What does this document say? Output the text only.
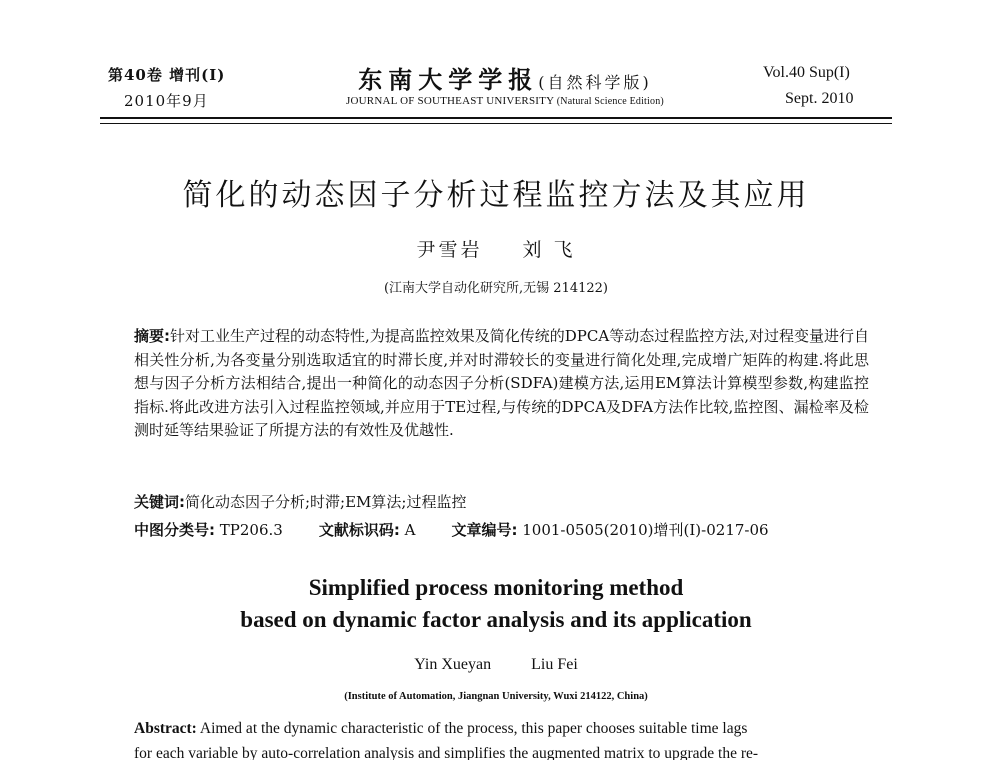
第40卷 增刊(I)
2010年9月
东南大学学报(自然科学版)
JOURNAL OF SOUTHEAST UNIVERSITY (Natural Science Edition)
Vol.40 Sup(I)
Sept. 2010
简化的动态因子分析过程监控方法及其应用
尹雪岩 刘 飞
(江南大学自动化研究所,无锡 214122)
摘要:针对工业生产过程的动态特性,为提高监控效果及简化传统的DPCA等动态过程监控方法,对过程变量进行自相关性分析,为各变量分别选取适宜的时滞长度,并对时滞较长的变量进行简化处理,完成增广矩阵的构建.将此思想与因子分析方法相结合,提出一种简化的动态因子分析(SDFA)建模方法,运用EM算法计算模型参数,构建监控指标.将此改进方法引入过程监控领域,并应用于TE过程,与传统的DPCA及DFA方法作比较,监控图、漏检率及检测时延等结果验证了所提方法的有效性及优越性.
关键词:简化动态因子分析;时滞;EM算法;过程监控
中图分类号: TP206.3 文献标识码: A 文章编号: 1001-0505(2010)增刊(I)-0217-06
Simplified process monitoring method
based on dynamic factor analysis and its application
Yin Xueyan	Liu Fei
(Institute of Automation, Jiangnan University, Wuxi 214122, China)
Abstract: Aimed at the dynamic characteristic of the process, this paper chooses suitable time lags
for each variable by auto-correlation analysis and simplifies the augmented matrix to upgrade the re-
